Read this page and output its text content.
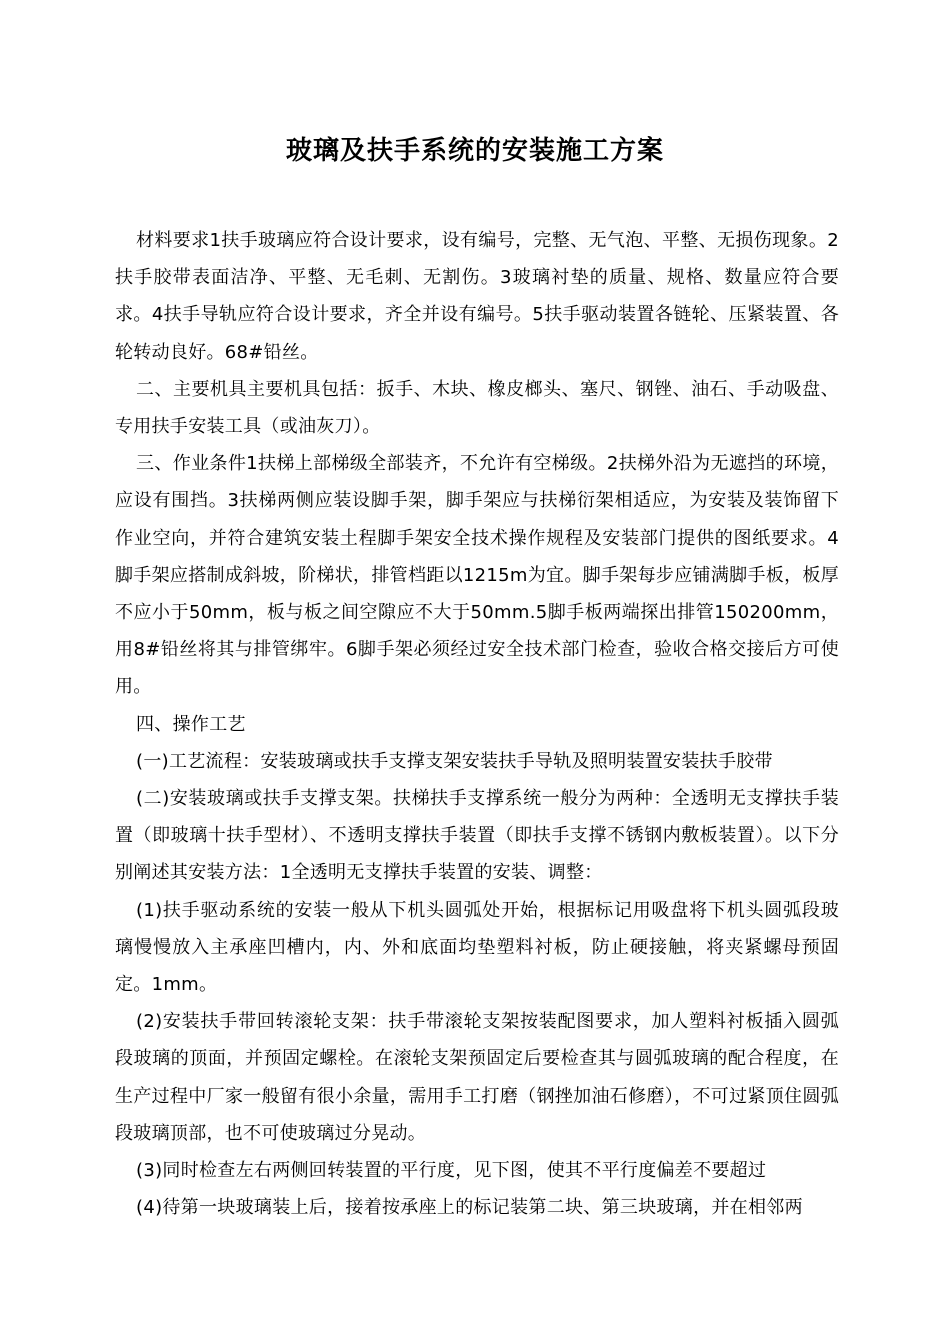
玻璃及扶手系统的安装施工方案

材料要求1扶手玻璃应符合设计要求，设有编号，完整、无气泡、平整、无损伤现象。2扶手胶带表面洁净、平整、无毛刺、无割伤。3玻璃衬垫的质量、规格、数量应符合要求。4扶手导轨应符合设计要求，齐全并设有编号。5扶手驱动装置各链轮、压紧装置、各轮转动良好。68#铅丝。

二、主要机具主要机具包括：扳手、木块、橡皮榔头、塞尺、钢锉、油石、手动吸盘、专用扶手安装工具（或油灰刀）。

三、作业条件1扶梯上部梯级全部装齐，不允许有空梯级。2扶梯外沿为无遮挡的环境，应设有围挡。3扶梯两侧应装设脚手架，脚手架应与扶梯衍架相适应，为安装及装饰留下作业空向，并符合建筑安装土程脚手架安全技术操作规程及安装部门提供的图纸要求。4脚手架应搭制成斜坡，阶梯状，排管档距以1215m为宜。脚手架每步应铺满脚手板，板厚不应小于50mm，板与板之间空隙应不大于50mm.5脚手板两端探出排管150200mm，用8#铅丝将其与排管绑牢。6脚手架必须经过安全技术部门检查，验收合格交接后方可使用。

四、操作工艺

(一)工艺流程：安装玻璃或扶手支撑支架安装扶手导轨及照明装置安装扶手胶带

(二)安装玻璃或扶手支撑支架。扶梯扶手支撑系统一般分为两种：全透明无支撑扶手装置（即玻璃十扶手型材）、不透明支撑扶手装置（即扶手支撑不锈钢内敷板装置）。以下分别阐述其安装方法：1全透明无支撑扶手装置的安装、调整：

(1)扶手驱动系统的安装一般从下机头圆弧处开始，根据标记用吸盘将下机头圆弧段玻璃慢慢放入主承座凹槽内，内、外和底面均垫塑料衬板，防止硬接触，将夹紧螺母预固定。1mm。

(2)安装扶手带回转滚轮支架：扶手带滚轮支架按装配图要求，加人塑料衬板插入圆弧段玻璃的顶面，并预固定螺栓。在滚轮支架预固定后要检查其与圆弧玻璃的配合程度，在生产过程中厂家一般留有很小余量，需用手工打磨（钢挫加油石修磨），不可过紧顶住圆弧段玻璃顶部，也不可使玻璃过分晃动。

(3)同时检查左右两侧回转装置的平行度，见下图，使其不平行度偏差不要超过

(4)待第一块玻璃装上后，接着按承座上的标记装第二块、第三块玻璃，并在相邻两
